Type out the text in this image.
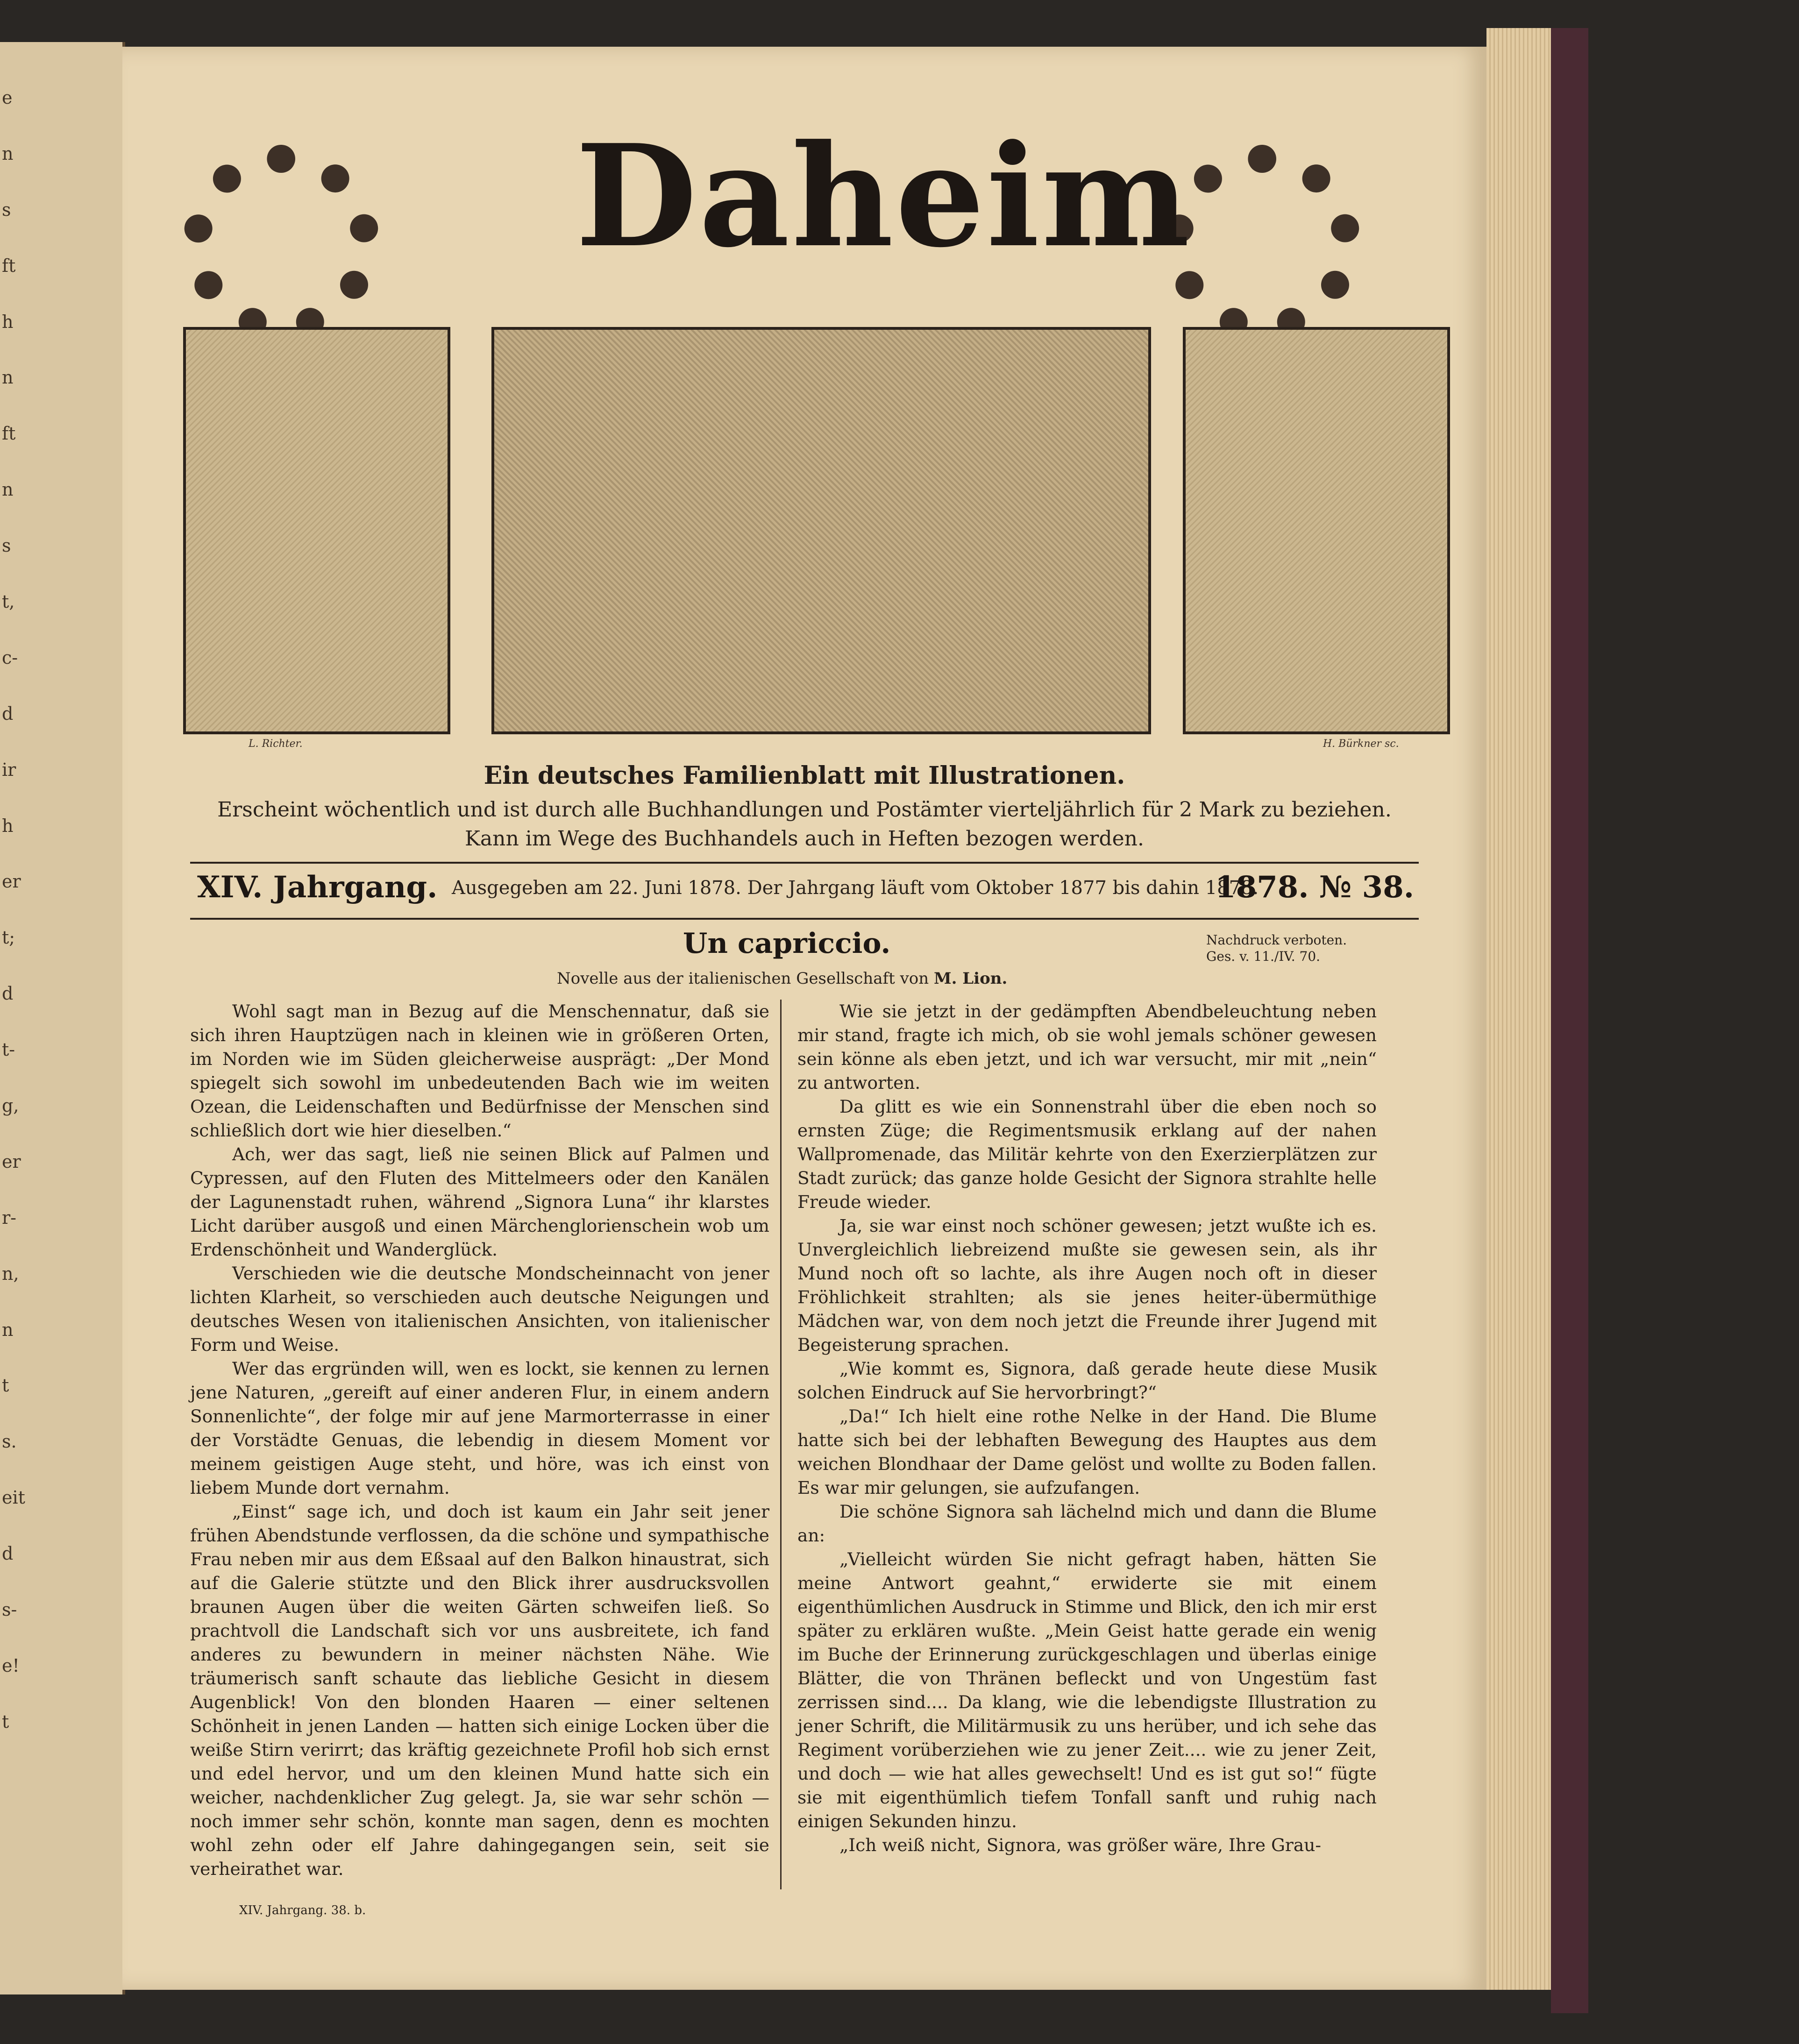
e
n
s
ft
h
n
ft
n
s
t,
c-
d
ir
h
er
t;
d
t-
g,
er
r-
n,
n
t
s.
eit
d
s-
e!
t
Daheim
L. Richter.	H. Bürkner sc.
Ein deutsches Familienblatt mit Illustrationen.
Erscheint wöchentlich und ist durch alle Buchhandlungen und Postämter vierteljährlich für 2 Mark zu beziehen.
Kann im Wege des Buchhandels auch in Heften bezogen werden.
XIV. Jahrgang. Ausgegeben am 22. Juni 1878. Der Jahrgang läuft vom Oktober 1877 bis dahin 1878.
1878. № 38.
Un capriccio.	Nachdruck verboten.
Ges. v. 11./IV. 70.
Novelle aus der italienischen Gesellschaft von M. Lion.

Wohl sagt man in Bezug auf die Menschennatur, daß sie sich ihren Hauptzügen nach in kleinen wie in größeren Orten, im Norden wie im Süden gleicherweise ausprägt: „Der Mond spiegelt sich sowohl im unbedeutenden Bach wie im weiten Ozean, die Leidenschaften und Bedürfnisse der Menschen sind schließlich dort wie hier dieselben.“

Ach, wer das sagt, ließ nie seinen Blick auf Palmen und Cypressen, auf den Fluten des Mittelmeers oder den Kanälen der Lagunenstadt ruhen, während „Signora Luna“ ihr klarstes Licht darüber ausgoß und einen Märchenglorienschein wob um Erdenschönheit und Wanderglück.

Verschieden wie die deutsche Mondscheinnacht von jener lichten Klarheit, so verschieden auch deutsche Neigungen und deutsches Wesen von italienischen Ansichten, von italienischer Form und Weise.

Wer das ergründen will, wen es lockt, sie kennen zu lernen jene Naturen, „gereift auf einer anderen Flur, in einem andern Sonnenlichte“, der folge mir auf jene Marmorterrasse in einer der Vorstädte Genuas, die lebendig in diesem Moment vor meinem geistigen Auge steht, und höre, was ich einst von liebem Munde dort vernahm.

„Einst“ sage ich, und doch ist kaum ein Jahr seit jener frühen Abendstunde verflossen, da die schöne und sympathische Frau neben mir aus dem Eßsaal auf den Balkon hinaustrat, sich auf die Galerie stützte und den Blick ihrer ausdrucksvollen braunen Augen über die weiten Gärten schweifen ließ. So prachtvoll die Landschaft sich vor uns ausbreitete, ich fand anderes zu bewundern in meiner nächsten Nähe. Wie träumerisch sanft schaute das liebliche Gesicht in diesem Augenblick! Von den blonden Haaren — einer seltenen Schönheit in jenen Landen — hatten sich einige Locken über die weiße Stirn verirrt; das kräftig gezeichnete Profil hob sich ernst und edel hervor, und um den kleinen Mund hatte sich ein weicher, nachdenklicher Zug gelegt. Ja, sie war sehr schön — noch immer sehr schön, konnte man sagen, denn es mochten wohl zehn oder elf Jahre dahingegangen sein, seit sie verheirathet war.

Wie sie jetzt in der gedämpften Abendbeleuchtung neben mir stand, fragte ich mich, ob sie wohl jemals schöner gewesen sein könne als eben jetzt, und ich war versucht, mir mit „nein“ zu antworten.

Da glitt es wie ein Sonnenstrahl über die eben noch so ernsten Züge; die Regimentsmusik erklang auf der nahen Wallpromenade, das Militär kehrte von den Exerzierplätzen zur Stadt zurück; das ganze holde Gesicht der Signora strahlte helle Freude wieder.

Ja, sie war einst noch schöner gewesen; jetzt wußte ich es. Unvergleichlich liebreizend mußte sie gewesen sein, als ihr Mund noch oft so lachte, als ihre Augen noch oft in dieser Fröhlichkeit strahlten; als sie jenes heiter-übermüthige Mädchen war, von dem noch jetzt die Freunde ihrer Jugend mit Begeisterung sprachen.

„Wie kommt es, Signora, daß gerade heute diese Musik solchen Eindruck auf Sie hervorbringt?“

„Da!“ Ich hielt eine rothe Nelke in der Hand. Die Blume hatte sich bei der lebhaften Bewegung des Hauptes aus dem weichen Blondhaar der Dame gelöst und wollte zu Boden fallen. Es war mir gelungen, sie aufzufangen.

Die schöne Signora sah lächelnd mich und dann die Blume an:

„Vielleicht würden Sie nicht gefragt haben, hätten Sie meine Antwort geahnt,“ erwiderte sie mit einem eigenthümlichen Ausdruck in Stimme und Blick, den ich mir erst später zu erklären wußte. „Mein Geist hatte gerade ein wenig im Buche der Erinnerung zurückgeschlagen und überlas einige Blätter, die von Thränen befleckt und von Ungestüm fast zerrissen sind.... Da klang, wie die lebendigste Illustration zu jener Schrift, die Militärmusik zu uns herüber, und ich sehe das Regiment vorüberziehen wie zu jener Zeit.... wie zu jener Zeit, und doch — wie hat alles gewechselt! Und es ist gut so!“ fügte sie mit eigenthümlich tiefem Tonfall sanft und ruhig nach einigen Sekunden hinzu.

„Ich weiß nicht, Signora, was größer wäre, Ihre Grau-

XIV. Jahrgang. 38. b.
